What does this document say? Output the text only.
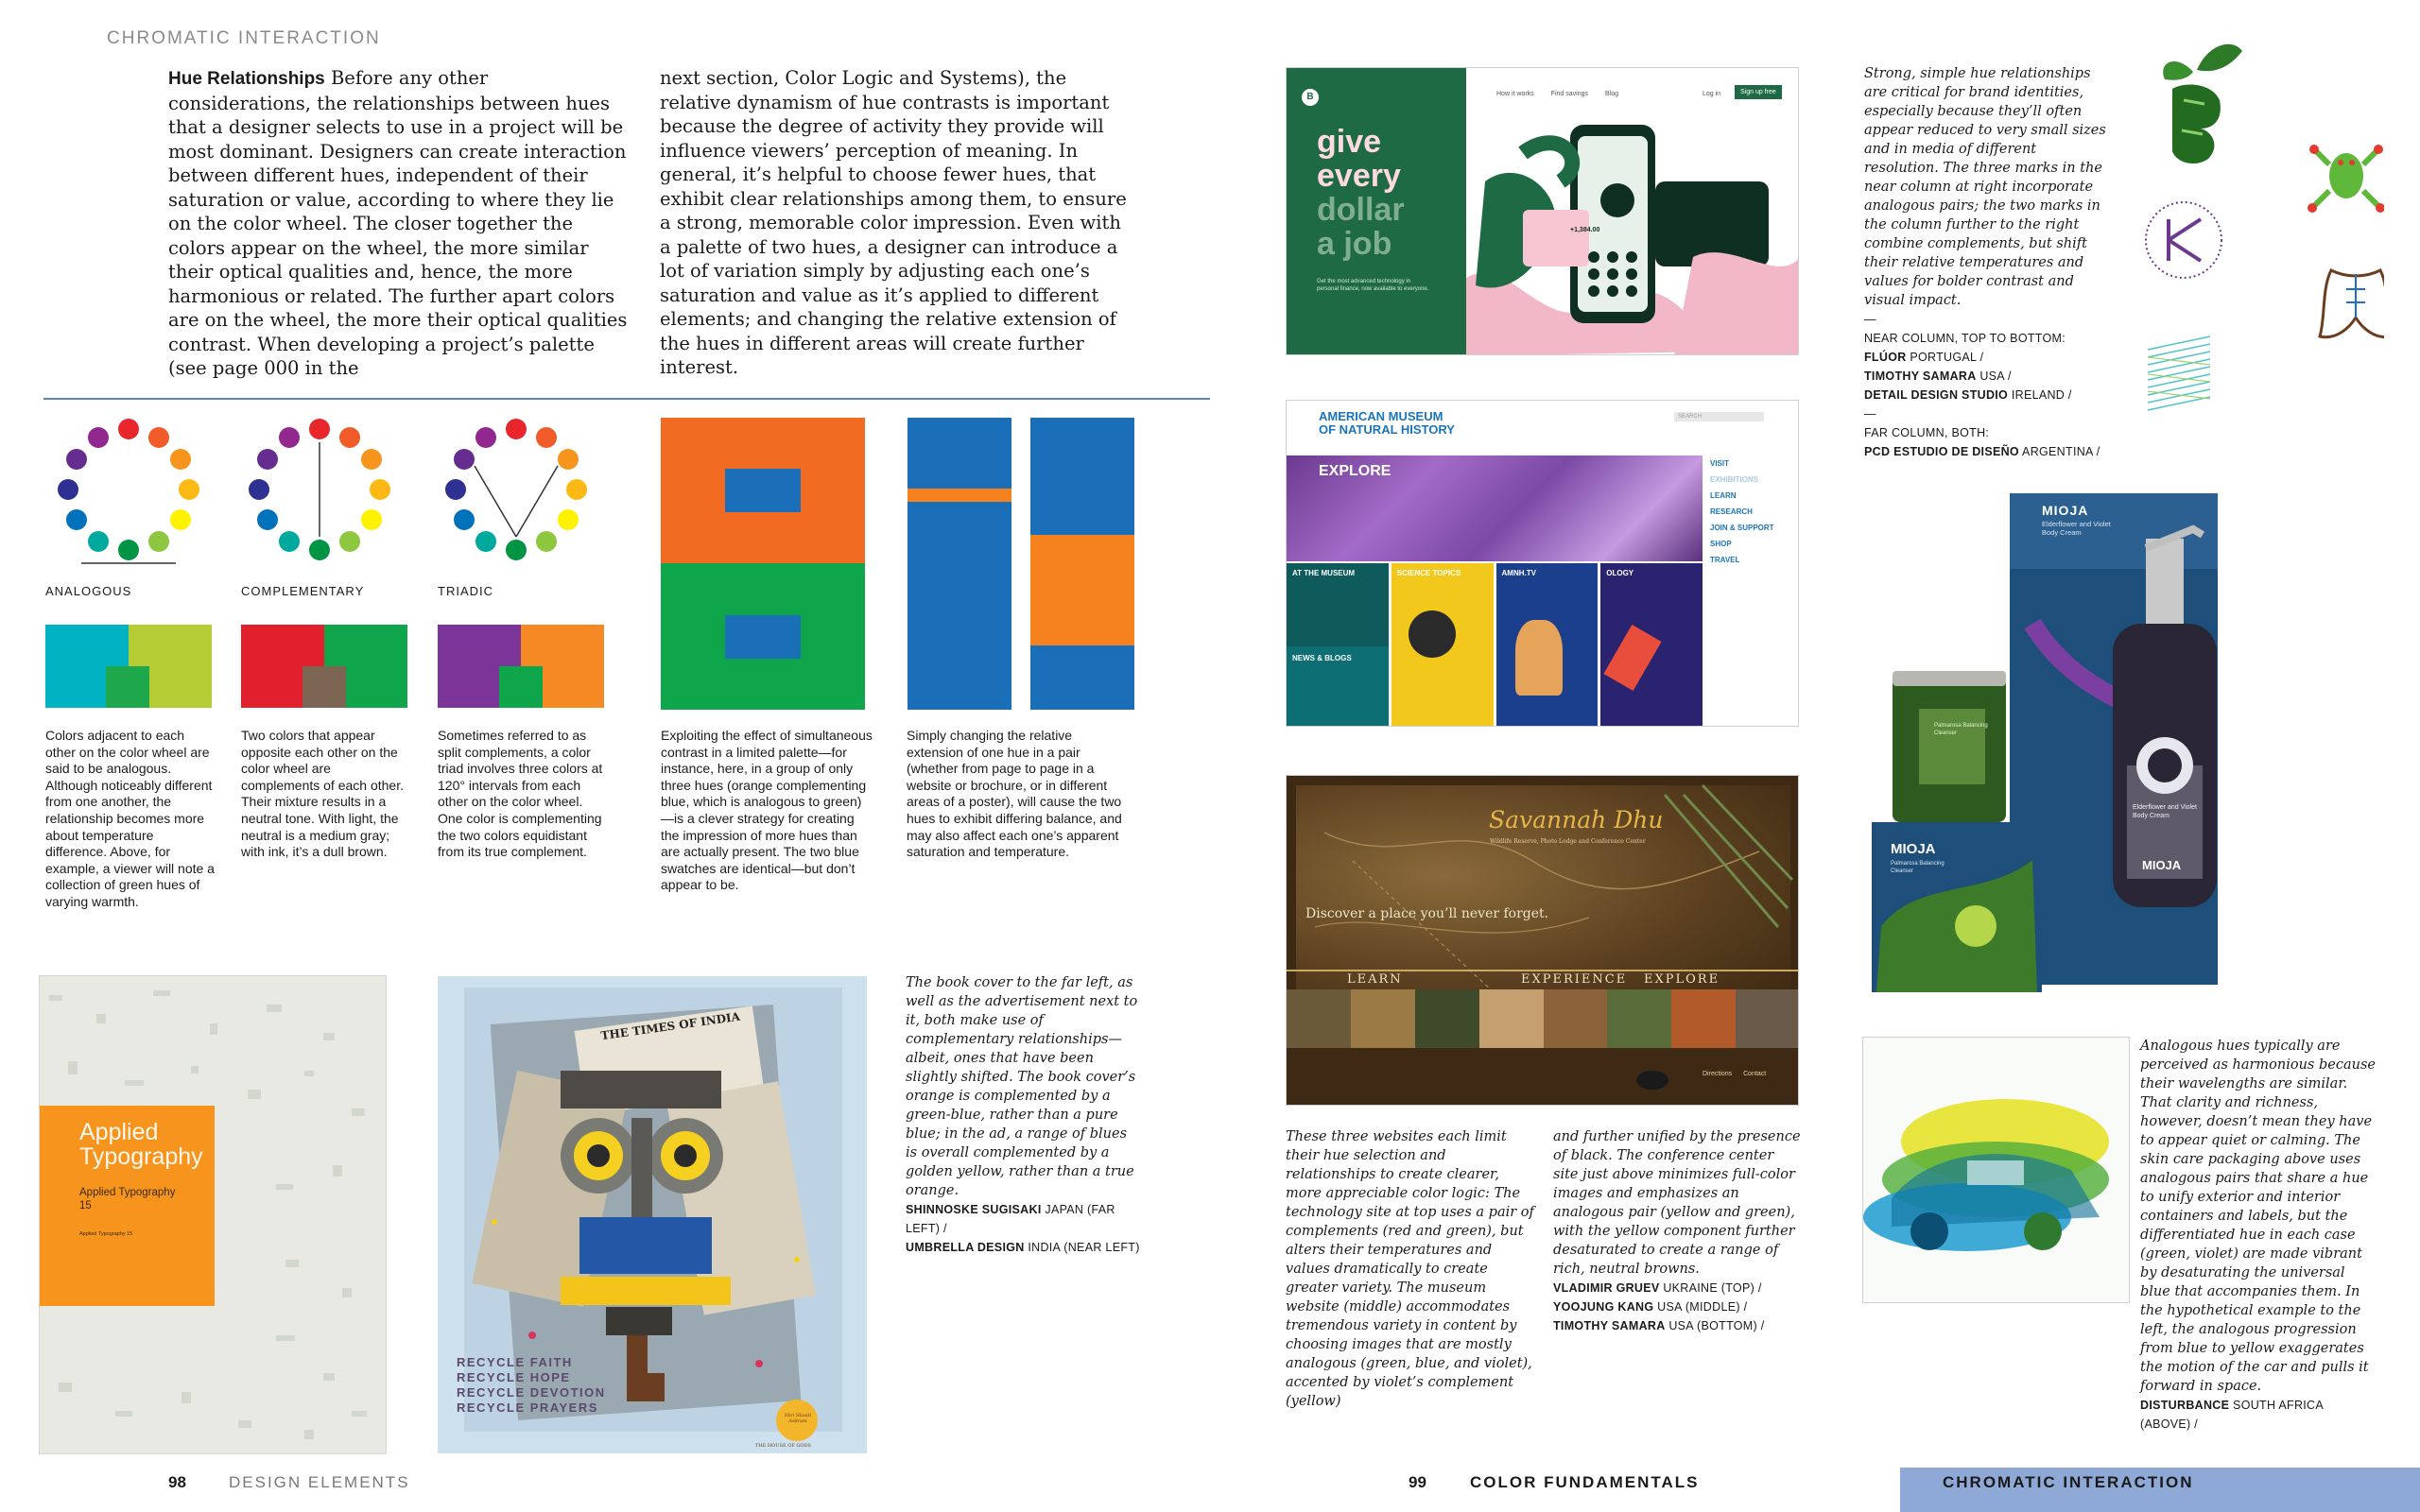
CHROMATIC INTERACTION
Hue Relationships Before any other considerations, the relationships between hues that a designer selects to use in a project will be most dominant. Designers can create interaction between different hues, independent of their saturation or value, according to where they lie on the color wheel. The closer together the colors appear on the wheel, the more similar their optical qualities and, hence, the more harmonious or related. The further apart colors are on the wheel, the more their optical qualities contrast. When developing a project’s palette (see page 000 in the
next section, Color Logic and Systems), the relative dynamism of hue contrasts is important because the degree of activity they provide will influence viewers’ perception of meaning. In general, it’s helpful to choose fewer hues, that exhibit clear relationships among them, to ensure a strong, memorable color impression. Even with a palette of two hues, a designer can introduce a lot of variation simply by adjusting each one’s saturation and value as it’s applied to different elements; and changing the relative extension of the hues in different areas will create further interest.
ANALOGOUS	COMPLEMENTARY	TRIADIC
Colors adjacent to each other on the color wheel are said to be analogous. Although noticeably different from one another, the relationship becomes more about temperature difference. Above, for example, a viewer will note a collection of green hues of varying warmth.
Two colors that appear opposite each other on the color wheel are complements of each other. Their mixture results in a neutral tone. With light, the neutral is a medium gray; with ink, it’s a dull brown.
Sometimes referred to as split complements, a color triad involves three colors at 120° intervals from each other on the color wheel. One color is complementing the two colors equidistant from its true complement.
Exploiting the effect of simultaneous contrast in a limited palette—for instance, here, in a group of only three hues (orange complementing blue, which is analogous to green)—is a clever strategy for creating the impression of more hues than are actually present. The two blue swatches are identical—but don’t appear to be.
Simply changing the relative extension of one hue in a pair (whether from page to page in a website or brochure, or in different areas of a poster), will cause the two hues to exhibit differing balance, and may also affect each one’s apparent saturation and temperature.
Applied
Typography
Applied Typography
15
Applied Typography 15
THE TIMES OF INDIA
RECYCLE FAITH
RECYCLE HOPE
RECYCLE DEVOTION
RECYCLE PRAYERS
Shri Shanti Ashram
THE HOUSE OF GODS
The book cover to the far left, as well as the advertisement next to it, both make use of complementary relationships—albeit, ones that have been slightly shifted. The book cover’s orange is complemented by a green-blue, rather than a pure blue; in the ad, a range of blues is overall complemented by a golden yellow, rather than a true orange.
SHINNOSKE SUGISAKI JAPAN (FAR LEFT) /
UMBRELLA DESIGN INDIA (NEAR LEFT)
98	DESIGN ELEMENTS
B	How it works	Find savings	Blog	Log in	Sign up free
give
every
dollar
a job
Get the most advanced technology in personal finance, now available to everyone.
+1,384.00
AMERICAN MUSEUM
OF NATURAL HISTORY
SEARCH
EXPLORE	VISIT
EXHIBITIONS
LEARN
RESEARCH
JOIN & SUPPORT
SHOP
TRAVEL
AT THE MUSEUM
NEWS & BLOGS
SCIENCE TOPICS	AMNH.TV	OLOGY
Savannah Dhu
Wildlife Reserve, Photo Lodge and Conference Center
Discover a place you’ll never forget.
LEARN	EXPERIENCE EXPLORE
Directions Contact
These three websites each limit their hue selection and relationships to create clearer, more appreciable color logic: The technology site at top uses a pair of complements (red and green), but alters their temperatures and values dramatically to create greater variety. The museum website (middle) accommodates tremendous variety in content by choosing images that are mostly analogous (green, blue, and violet), accented by violet’s complement (yellow)
and further unified by the presence of black. The conference center site just above minimizes full-color images and emphasizes an analogous pair (yellow and green), with the yellow component further desaturated to create a range of rich, neutral browns.
VLADIMIR GRUEV UKRAINE (TOP) /
YOOJUNG KANG USA (MIDDLE) /
TIMOTHY SAMARA USA (BOTTOM) /
Strong, simple hue relationships are critical for brand identities, especially because they’ll often appear reduced to very small sizes and in media of different resolution. The three marks in the near column at right incorporate analogous pairs; the two marks in the column further to the right combine complements, but shift their relative temperatures and values for bolder contrast and visual impact.
—
NEAR COLUMN, TOP TO BOTTOM:
FLÚOR PORTUGAL /
TIMOTHY SAMARA USA /
DETAIL DESIGN STUDIO IRELAND /
—
FAR COLUMN, BOTH:
PCD ESTUDIO DE DISEÑO ARGENTINA /
MIOJA
Elderflower and Violet Body Cream
Palmarosa Balancing Cleanser
MIOJA
Palmarosa Balancing Cleanser
Elderflower and Violet Body Cream
MIOJA
Analogous hues typically are perceived as harmonious because their wavelengths are similar. That clarity and richness, however, doesn’t mean they have to appear quiet or calming. The skin care packaging above uses analogous pairs that share a hue to unify exterior and interior containers and labels, but the differentiated hue in each case (green, violet) are made vibrant by desaturating the universal blue that accompanies them. In the hypothetical example to the left, the analogous progression from blue to yellow exaggerates the motion of the car and pulls it forward in space.
DISTURBANCE SOUTH AFRICA (ABOVE) /
99	COLOR FUNDAMENTALS	CHROMATIC INTERACTION
